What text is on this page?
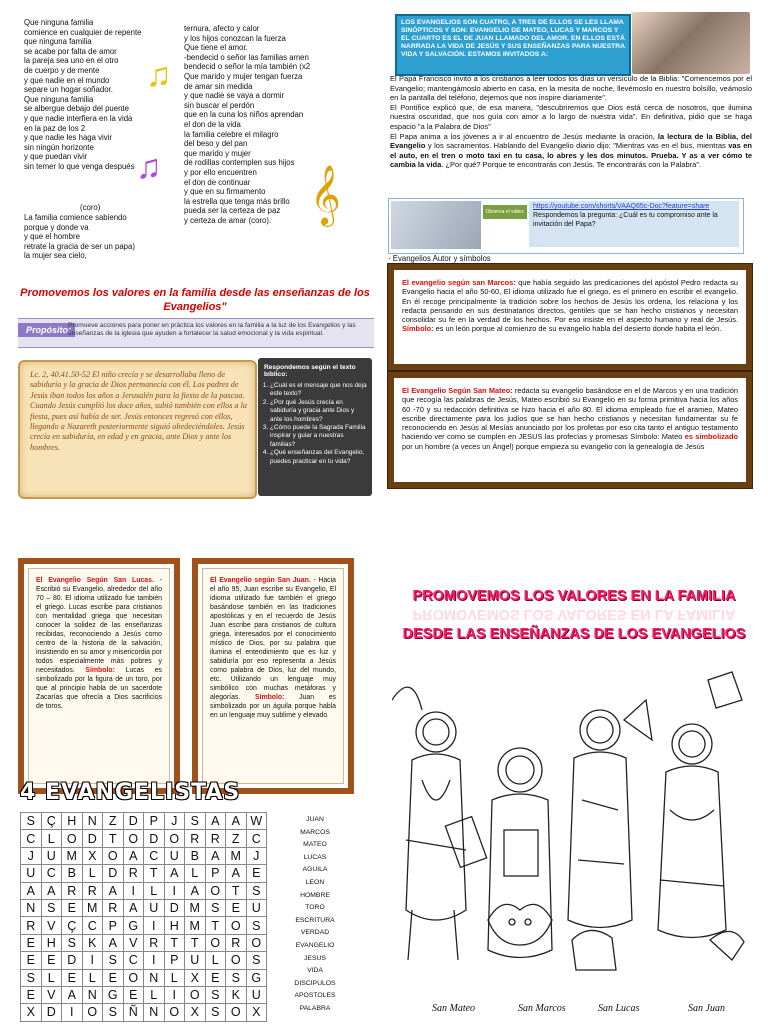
Que ninguna familia
comience en cualquier de repente
que ninguna familia
se acabe por falta de amor
la pareja sea uno en el otro
de cuerpo y de mente
y que nadie en el mundo
separe un hogar soñador.
Que ninguna familia
se albergue debajo del puente
y que nadie interfiera en la vida
en la paz de los 2
y que nadie les haga vivir
sin ningún horizonte
y que puedan vivir
sin temer lo que venga después
(coro)
La familia comience sabiendo
porque y donde va
y que el hombre
retrate la gracia de ser un papa)
la mujer sea cielo,
ternura, afecto y calor
y los hijos conozcan la fuerza
Que tiene el amor.
-bendecid o señor las familias amen
bendecid o señor la mía también (x2
Que marido y mujer tengan fuerza
de amar sin medida
y que nadie se vaya a dormir
sin buscar el perdón
que en la cuna los niños aprendan
el don de la vida
la familia celebre el milagro
del beso y del pan
que marido y mujer
de rodillas contemplen sus hijos
y por ello encuentren
el don de continuar
y que en su firmamento
la estrella que tenga más brillo
pueda ser la certeza de paz
y certeza de amar (coro).
♫
♫	𝄞
Promovemos los valores en la familia desde las enseñanzas de los Evangelios"
Propósito:
Promueve acciones para poner en práctica los valores en la familia a la luz de los Evangelios y las enseñanzas de la iglesia que ayuden a fortalecer la salud emocional y la vida espiritual.
Lc. 2, 40.41.50-52 El niño crecía y se desarrollaba lleno de sabiduría y la gracia de Dios permanecía con él. Los padres de Jesús iban todos los años a Jerusalén para la fiesta de la pascua. Cuando Jesús cumplió los doce años, subió también con ellos a la fiesta, pues así había de ser. Jesús entonces regresó con ellos, llegando a Nazareth posteriormente siguió obedeciéndoles. Jesús crecía en sabiduría, en edad y en gracia, ante Dios y ante los hombres.
Respondemos según el texto bíblico:
1. ¿Cuál es el mensaje que nos deja este texto?
2. ¿Por qué Jesús crecía en sabiduría y gracia ante Dios y ante los hombres?
3. ¿Cómo puede la Sagrada Familia inspirar y guiar a nuestras familias?
4. ¿Qué enseñanzas del Evangelio, puedes practicar en tu vida?
LOS EVANGELIOS SON CUATRO, A TRES DE ELLOS SE LES LLAMA SINÓPTICOS Y SON: EVANGELIO DE MATEO, LUCAS Y MARCOS Y EL CUARTO ES EL DE JUAN LLAMADO DEL AMOR. EN ELLOS ESTÁ NARRADA LA VIDA DE JESÚS Y SUS ENSEÑANZAS PARA NUESTRA VIDA Y SALVACIÓN. ESTAMOS INVITADOS A:
El Papa Francisco invitó a los cristianos a leer todos los días un versículo de la Biblia: "Comencemos por el Evangelio; mantengámoslo abierto en casa, en la mesita de noche, llevémoslo en nuestro bolsillo, veámoslo en la pantalla del teléfono, dejemos que nos inspire diariamente".
El Pontífice explicó que, de esa manera, "descubriremos que Dios está cerca de nosotros, que ilumina nuestra oscuridad, que nos guía con amor a lo largo de nuestra vida". En definitiva, pidió que se haga espacio "a la Palabra de Dios"
El Papa anima a los jóvenes a ir al encuentro de Jesús mediante la oración, la lectura de la Biblia, del Evangelio y los sacramentos. Hablando del Evangelio diario dijo: "Mientras vas en el bus, mientras vas en el auto, en el tren o moto taxi en tu casa, lo abres y les dos minutos. Prueba. Y as a ver cómo te cambia la vida. ¿Por qué? Porque te encontrarás con Jesús. Te encontrarás con la Palabra".
Observa el video:
https://youtube.com/shorts/VAAQ65c-Doc?feature=share
Respondemos la pregunta: ¿Cuál es tu compromiso ante la invitación del Papa?
- Evangelios Autor y símbolos
El evangelio según san Marcos: que había seguido las predicaciones del apóstol Pedro redacta su Evangelio hacia el año 50-60, El idioma utilizado fue el griego, es el primero en escribir el evangelio. En él recoge principalmente la tradición sobre los hechos de Jesús los ordena, los relaciona y los redacta pensando en sus destinatarios directos, gentiles que se han hecho cristianos y necesitan consolidar su fe en la verdad de los hechos. Por eso insiste en el aspecto humano y real de Jesús. Símbolo: es un león porque al comienzo de su evangelio habla del desierto donde habita el león.
El Evangelio Según San Mateo: redacta su evangelio basándose en el de Marcos y en una tradición que recogía las palabras de Jesús, Mateo escribió su Evangelio en su forma primitiva hacia los años 60 -70 y su redacción definitiva se hizo hacia el año 80. El idioma empleado fue el arameo, Mateo escribe directamente para los judíos que se han hecho cristianos y necesitan fundamentar su fe reconociendo en Jesús al Mesías anunciado por los profetas por eso cita tanto el antiguo testamento haciendo ver como se cumplen en JESUS las profecías y promesas Símbolo: Mateo es simbolizado por un hombre (a veces un Ángel) porque empieza su evangelio con la genealogía de Jesús
El Evangelio Según San Lucas. - Escribió su Evangelio, alrededor del año 70 – 80. El idioma utilizado fue también el griego. Lucas escribe para cristianos con mentalidad griega que necesitan conocer la solidez de las enseñanzas recibidas, reconociendo a Jesús como centro de la historia de la salvación, insistiendo en su amor y misericordia por todos especialmente más pobres y necesitados. Símbolo: Lucas es simbolizado por la figura de un toro, por que al principio habla de un sacerdote Zacarías que ofrecía a Dios sacrificios de toros.
El Evangelio según San Juan. - Hacia el año 95, Juan escribe su Evangelio, El idioma utilizado fue también el griego basándose también en las tradiciones apostólicas y en el recuerdo de Jesús Juan escribe para cristianos de cultura griega, interesados por el conocimiento místico de Dios, por su palabra que ilumina el entendimiento que es luz y sabiduría por eso representa a Jesús como palabra de Dios, luz del mundo, etc. Utilizando un lenguaje muy simbólico con muchas metáforas y alegorías. Símbolo: Juan es simbolizado por un águila porque habla en un lenguaje muy sublime y elevado
4 EVANGELISTAS
S	Ç	H	N	Z	D	P	J	S	A	A	W
C	L	O	D	T	O	D	O	R	R	Z	C
J	U	M	X	O	A	C	U	B	A	M	J
U	C	B	L	D	R	T	A	L	P	A	E
A	A	R	R	A	I	L	I	A	O	T	S
N	S	E	M	R	A	U	D	M	S	E	U
R	V	Ç	C	P	G	I	H	M	T	O	S
E	H	S	K	A	V	R	T	T	O	R	O
E	E	D	I	S	C	I	P	U	L	O	S
S	L	E	L	E	O	N	L	X	E	S	G
E	V	A	N	G	E	L	I	O	S	K	U
X	D	I	O	S	Ñ	N	O	X	S	O	X
JUAN
MARCOS
MATEO
LUCAS
AGUILA
LEON
HOMBRE
TORO
ESCRITURA
VERDAD
EVANGELIO
JESUS
VIDA
DISCIPULOS
APOSTOLES
PALABRA
PROMOVEMOS LOS VALORES EN LA FAMILIA
PROMOVEMOS LOS VALORES EN LA FAMILIA
DESDE LAS ENSEÑANZAS DE LOS EVANGELIOS
San Mateo	San Marcos	San Lucas	San Juan
